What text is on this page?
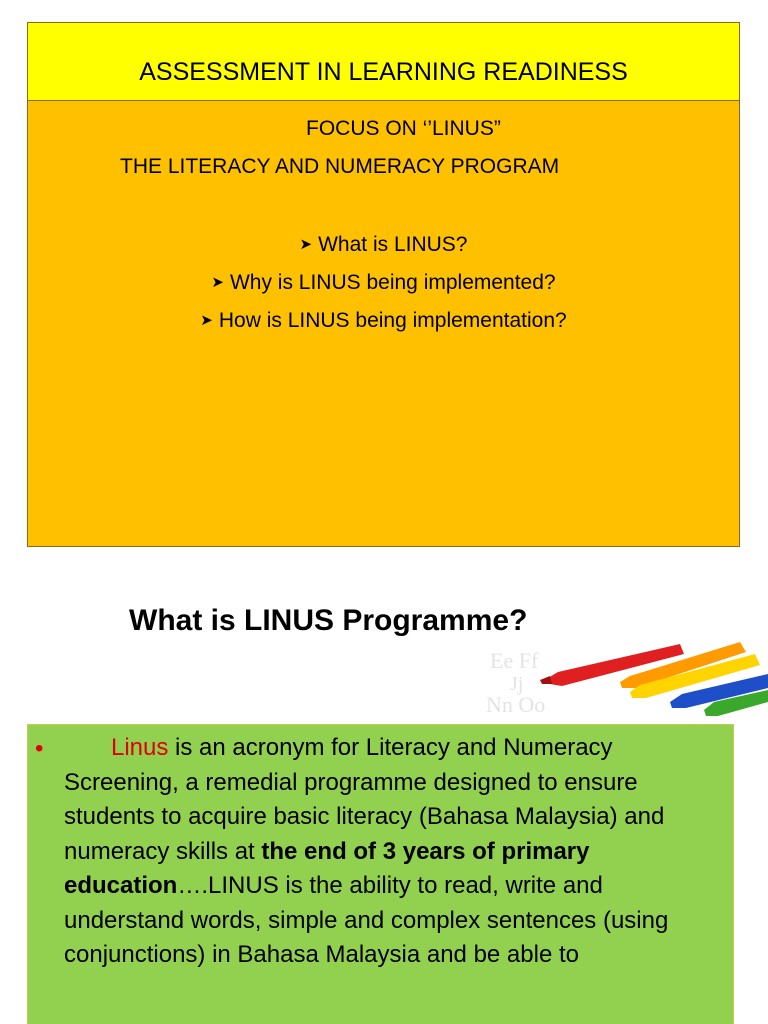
ASSESSMENT IN LEARNING READINESS
FOCUS ON ‘’LINUS”
THE LITERACY AND NUMERACY PROGRAM
➤ What is LINUS?
➤ Why is LINUS being implemented?
➤ How is LINUS being implementation?
What is LINUS Programme?
Ee Ff
Jj
Nn Oo
•	Linus is an acronym for Literacy and Numeracy Screening, a remedial programme designed to ensure students to acquire basic literacy (Bahasa Malaysia) and numeracy skills at the end of 3 years of primary education….LINUS is the ability to read, write and understand words, simple and complex sentences (using conjunctions) in Bahasa Malaysia and be able to
